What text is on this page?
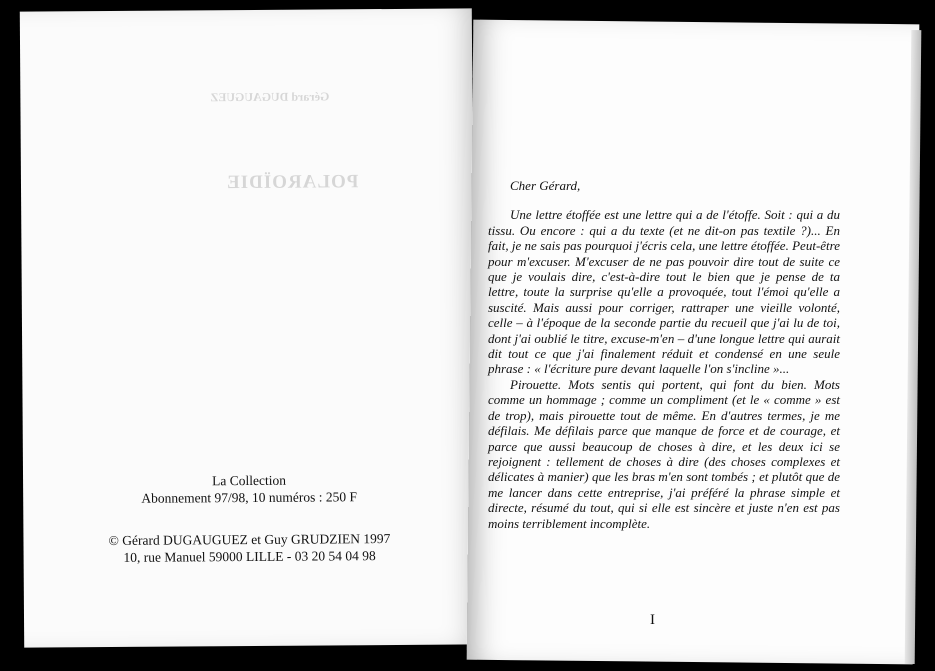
Gérard DUGAUGUEZ
POLAROÏDIE
La Collection
Abonnement 97/98, 10 numéros : 250 F
© Gérard DUGAUGUEZ et Guy GRUDZIEN 1997
10, rue Manuel 59000 LILLE - 03 20 54 04 98

Cher Gérard,

Une lettre étoffée est une lettre qui a de l'étoffe. Soit : qui a du tissu. Ou encore : qui a du texte (et ne dit-on pas textile ?)... En fait, je ne sais pas pourquoi j'écris cela, une lettre étoffée. Peut-être pour m'excuser. M'excuser de ne pas pouvoir dire tout de suite ce que je voulais dire, c'est-à-dire tout le bien que je pense de ta lettre, toute la surprise qu'elle a provoquée, tout l'émoi qu'elle a suscité. Mais aussi pour corriger, rattraper une vieille volonté, celle – à l'époque de la seconde partie du recueil que j'ai lu de toi, dont j'ai oublié le titre, excuse-m'en – d'une longue lettre qui aurait dit tout ce que j'ai finalement réduit et condensé en une seule phrase : « l'écriture pure devant laquelle l'on s'incline »...

Pirouette. Mots sentis qui portent, qui font du bien. Mots comme un hommage ; comme un compliment (et le « comme » est de trop), mais pirouette tout de même. En d'autres termes, je me défilais. Me défilais parce que manque de force et de courage, et parce que aussi beaucoup de choses à dire, et les deux ici se rejoignent : tellement de choses à dire (des choses complexes et délicates à manier) que les bras m'en sont tombés ; et plutôt que de me lancer dans cette entreprise, j'ai préféré la phrase simple et directe, résumé du tout, qui si elle est sincère et juste n'en est pas moins terriblement incomplète.

I
